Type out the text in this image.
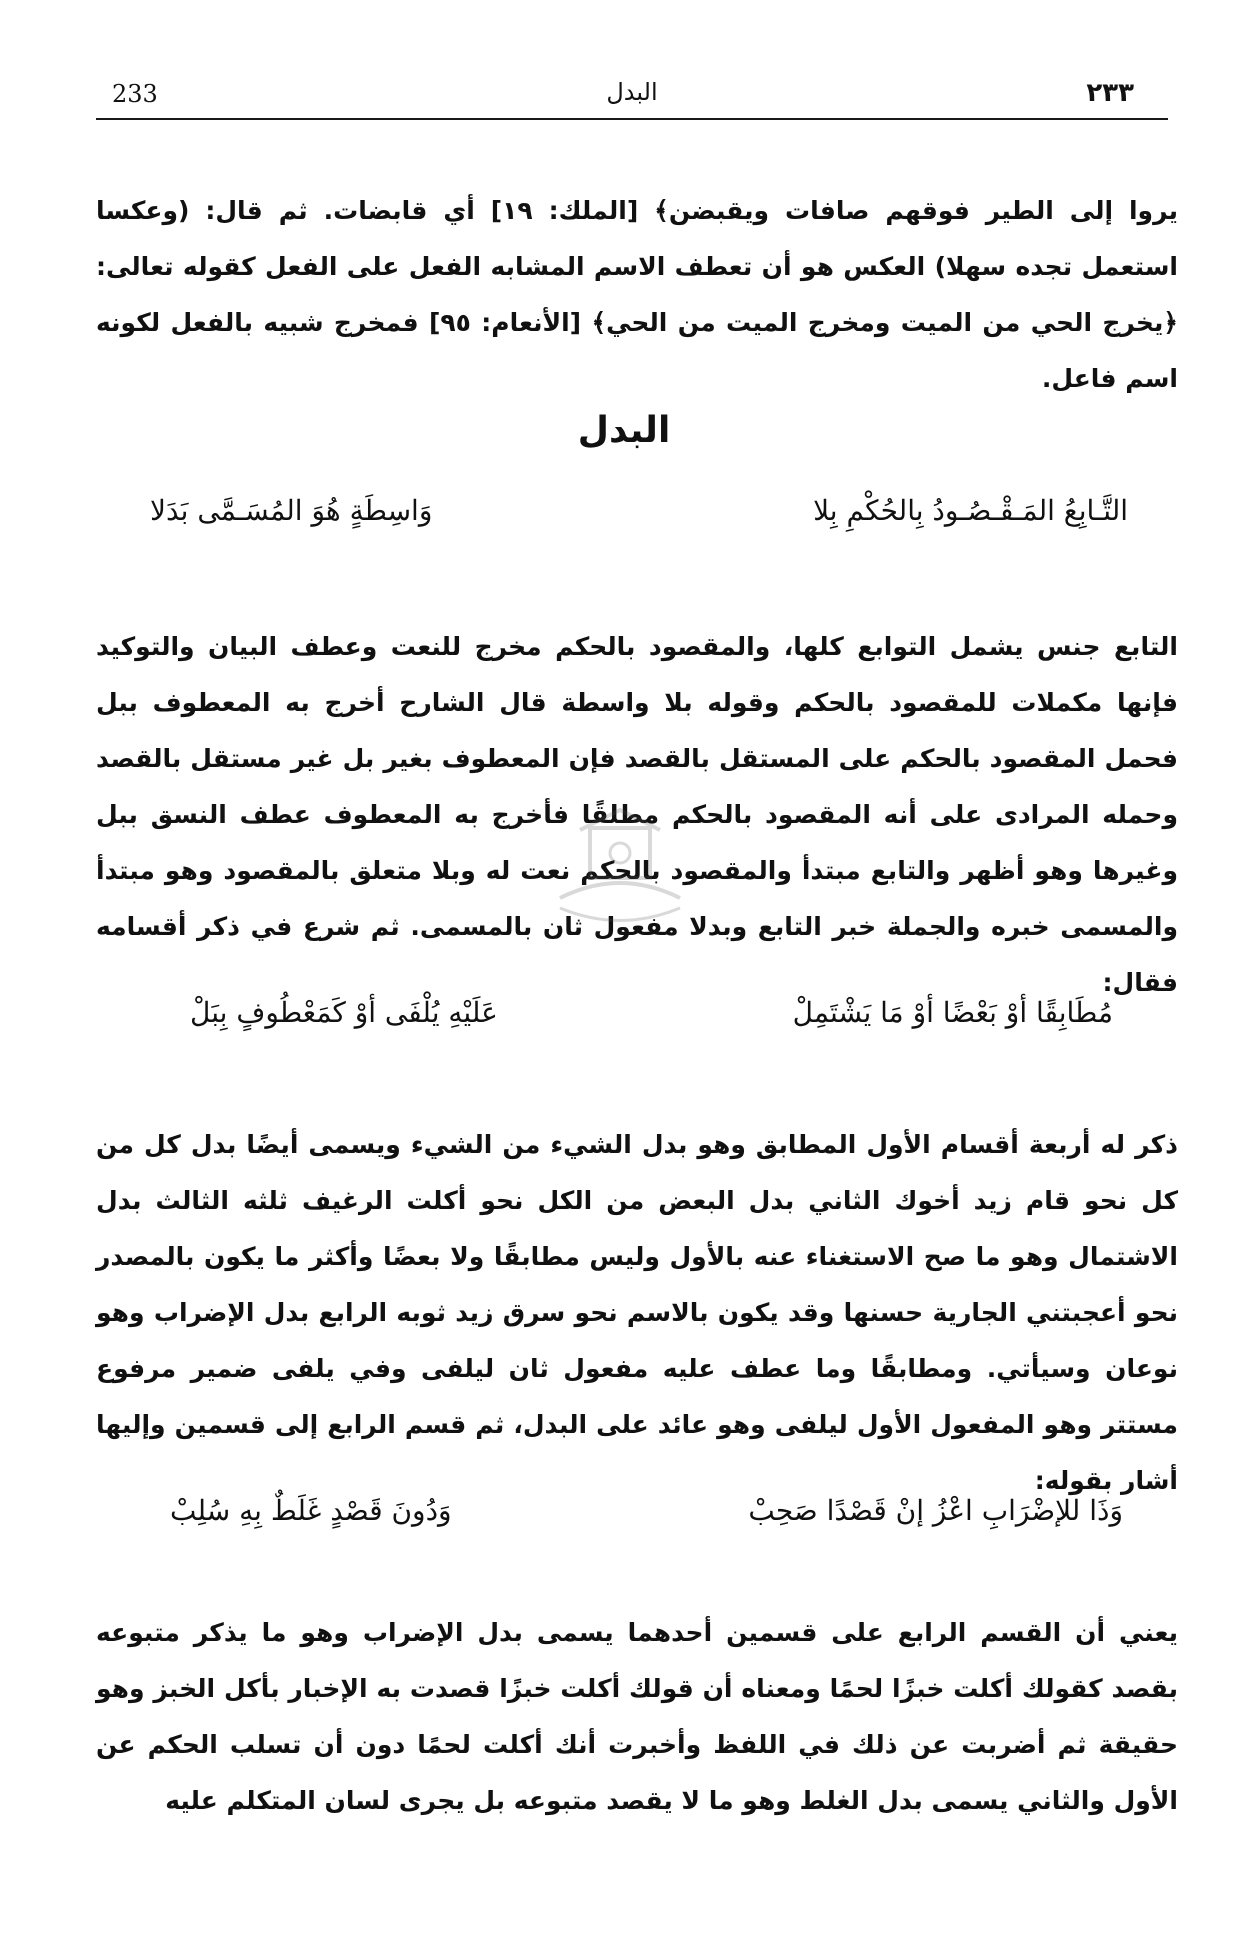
233	البدل	٢٣٣

يروا إلى الطير فوقهم صافات ويقبضن﴾ [الملك: ١٩] أي قابضات. ثم قال: (وعكسا استعمل تجده سهلا) العكس هو أن تعطف الاسم المشابه الفعل على الفعل كقوله تعالى: ﴿يخرج الحي من الميت ومخرج الميت من الحي﴾ [الأنعام: ٩٥] فمخرج شبيه بالفعل لكونه اسم فاعل.

البدل
التَّـابِعُ المَـقْـصُـودُ بِالحُكْمِ بِلا
وَاسِطَةٍ هُوَ المُسَـمَّى بَدَلا

التابع جنس يشمل التوابع كلها، والمقصود بالحكم مخرج للنعت وعطف البيان والتوكيد فإنها مكملات للمقصود بالحكم وقوله بلا واسطة قال الشارح أخرج به المعطوف ببل فحمل المقصود بالحكم على المستقل بالقصد فإن المعطوف بغير بل غير مستقل بالقصد وحمله المرادى على أنه المقصود بالحكم مطلقًا فأخرج به المعطوف عطف النسق ببل وغيرها وهو أظهر والتابع مبتدأ والمقصود بالحكم نعت له وبلا متعلق بالمقصود وهو مبتدأ والمسمى خبره والجملة خبر التابع وبدلا مفعول ثان بالمسمى. ثم شرع في ذكر أقسامه فقال:

مُطَابِقًا أوْ بَعْضًا أوْ مَا يَشْتَمِلْ
عَلَيْهِ يُلْفَى أوْ كَمَعْطُوفٍ بِبَلْ

ذكر له أربعة أقسام الأول المطابق وهو بدل الشيء من الشيء ويسمى أيضًا بدل كل من كل نحو قام زيد أخوك الثاني بدل البعض من الكل نحو أكلت الرغيف ثلثه الثالث بدل الاشتمال وهو ما صح الاستغناء عنه بالأول وليس مطابقًا ولا بعضًا وأكثر ما يكون بالمصدر نحو أعجبتني الجارية حسنها وقد يكون بالاسم نحو سرق زيد ثوبه الرابع بدل الإضراب وهو نوعان وسيأتي. ومطابقًا وما عطف عليه مفعول ثان ليلفى وفي يلفى ضمير مرفوع مستتر وهو المفعول الأول ليلفى وهو عائد على البدل، ثم قسم الرابع إلى قسمين وإليها أشار بقوله:

وَذَا للإضْرَابِ اعْزُ إنْ قَصْدًا صَحِبْ
وَدُونَ قَصْدٍ غَلَطٌ بِهِ سُلِبْ

يعني أن القسم الرابع على قسمين أحدهما يسمى بدل الإضراب وهو ما يذكر متبوعه بقصد كقولك أكلت خبزًا لحمًا ومعناه أن قولك أكلت خبزًا قصدت به الإخبار بأكل الخبز وهو حقيقة ثم أضربت عن ذلك في اللفظ وأخبرت أنك أكلت لحمًا دون أن تسلب الحكم عن الأول والثاني يسمى بدل الغلط وهو ما لا يقصد متبوعه بل يجرى لسان المتكلم عليه
